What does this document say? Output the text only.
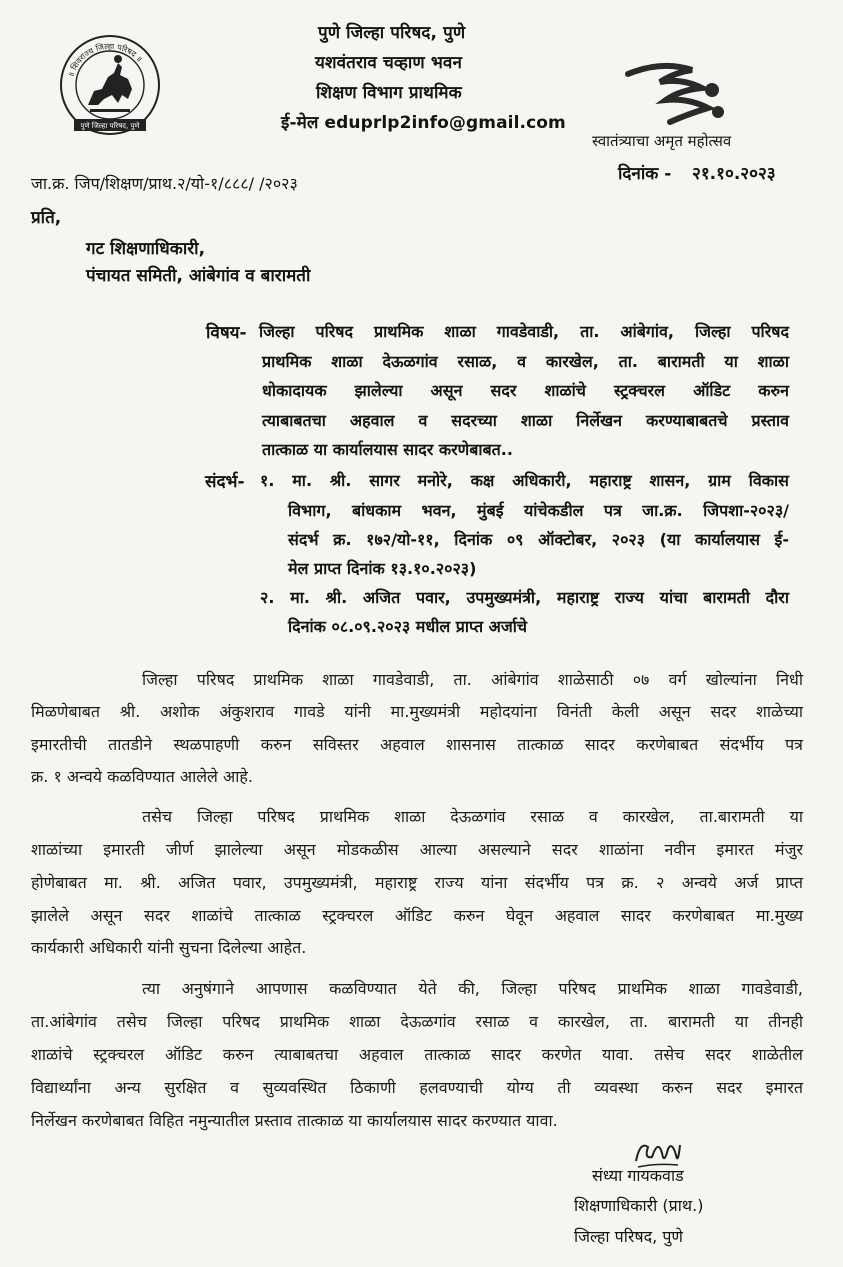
॥ शिवराज्य जिल्हा परिषद ॥
पुणे जिल्हा परिषद, पुणे
पुणे जिल्हा परिषद, पुणे
यशवंतराव चव्हाण भवन
शिक्षण विभाग प्राथमिक
ई-मेल eduprlp2info@gmail.com
स्वातंत्र्याचा अमृत महोत्सव
जा.क्र. जिप/शिक्षण/प्राथ.२/यो-१/८८८/ /२०२३	दिनांक - २१.१०.२०२३
प्रति,
गट शिक्षणाधिकारी,
पंचायत समिती, आंबेगांव व बारामती
विषय- जिल्हा परिषद प्राथमिक शाळा गावडेवाडी, ता. आंबेगांव, जिल्हा परिषद
प्राथमिक शाळा देऊळगांव रसाळ, व कारखेल, ता. बारामती या शाळा
धोकादायक झालेल्या असून सदर शाळांचे स्ट्रक्चरल ऑडिट करुन
त्याबाबतचा अहवाल व सदरच्या शाळा निर्लेखन करण्याबाबतचे प्रस्ताव
तात्काळ या कार्यालयास सादर करणेबाबत..
संदर्भ- १. मा. श्री. सागर मनोरे, कक्ष अधिकारी, महाराष्ट्र शासन, ग्राम विकास
विभाग, बांधकाम भवन, मुंबई यांचेकडील पत्र जा.क्र. जिपशा-२०२३/
संदर्भ क्र. १७२/यो-११, दिनांक ०९ ऑक्टोबर, २०२३ (या कार्यालयास ई-
मेल प्राप्त दिनांक १३.१०.२०२३)
२. मा. श्री. अजित पवार, उपमुख्यमंत्री, महाराष्ट्र राज्य यांचा बारामती दौरा
दिनांक ०८.०९.२०२३ मधील प्राप्त अर्जाचे
जिल्हा परिषद प्राथमिक शाळा गावडेवाडी, ता. आंबेगांव शाळेसाठी ०७ वर्ग खोल्यांना निधी
मिळणेबाबत श्री. अशोक अंकुशराव गावडे यांनी मा.मुख्यमंत्री महोदयांना विनंती केली असून सदर शाळेच्या
इमारतीची तातडीने स्थळपाहणी करुन सविस्तर अहवाल शासनास तात्काळ सादर करणेबाबत संदर्भीय पत्र
क्र. १ अन्वये कळविण्यात आलेले आहे.
तसेच जिल्हा परिषद प्राथमिक शाळा देऊळगांव रसाळ व कारखेल, ता.बारामती या
शाळांच्या इमारती जीर्ण झालेल्या असून मोडकळीस आल्या असल्याने सदर शाळांना नवीन इमारत मंजुर
होणेबाबत मा. श्री. अजित पवार, उपमुख्यमंत्री, महाराष्ट्र राज्य यांना संदर्भीय पत्र क्र. २ अन्वये अर्ज प्राप्त
झालेले असून सदर शाळांचे तात्काळ स्ट्रक्चरल ऑडिट करुन घेवून अहवाल सादर करणेबाबत मा.मुख्य
कार्यकारी अधिकारी यांनी सुचना दिलेल्या आहेत.
त्या अनुषंगाने आपणास कळविण्यात येते की, जिल्हा परिषद प्राथमिक शाळा गावडेवाडी,
ता.आंबेगांव तसेच जिल्हा परिषद प्राथमिक शाळा देऊळगांव रसाळ व कारखेल, ता. बारामती या तीनही
शाळांचे स्ट्रक्चरल ऑडिट करुन त्याबाबतचा अहवाल तात्काळ सादर करणेत यावा. तसेच सदर शाळेतील
विद्यार्थ्यांना अन्य सुरक्षित व सुव्यवस्थित ठिकाणी हलवण्याची योग्य ती व्यवस्था करुन सदर इमारत
निर्लेखन करणेबाबत विहित नमुन्यातील प्रस्ताव तात्काळ या कार्यालयास सादर करण्यात यावा.
संध्या गायकवाड
शिक्षणाधिकारी (प्राथ.)
जिल्हा परिषद, पुणे
